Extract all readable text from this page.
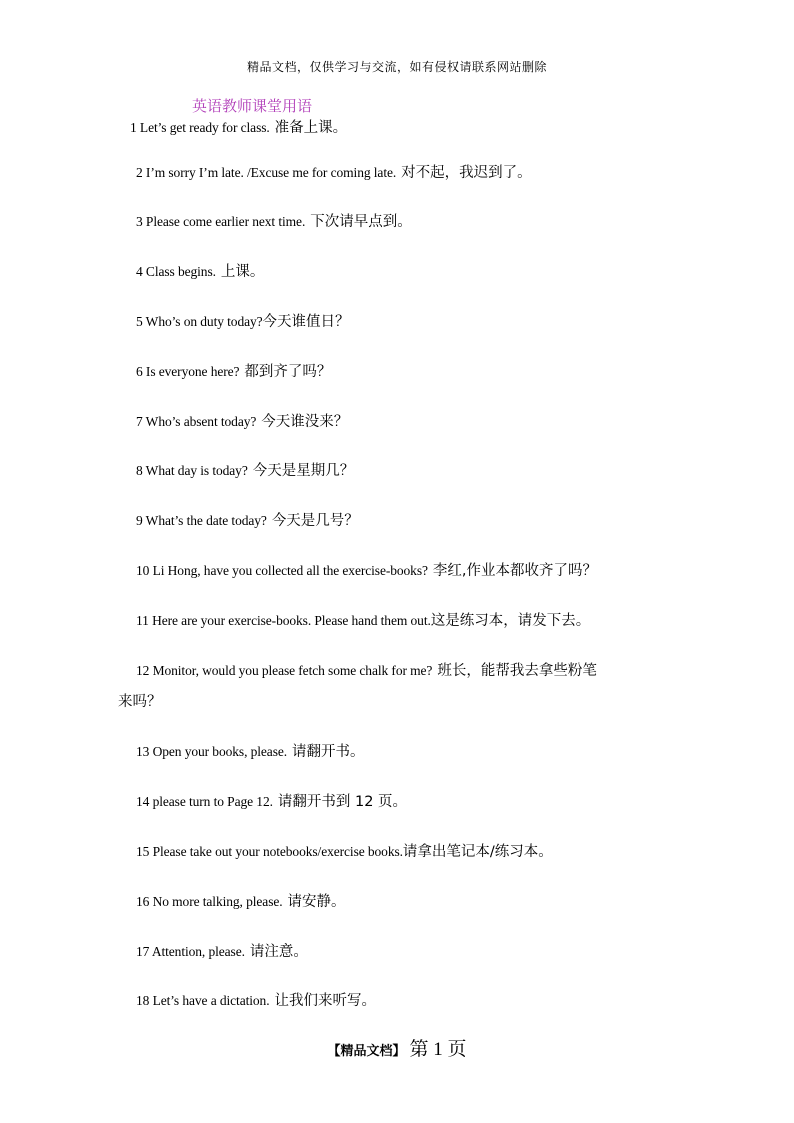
精品文档，仅供学习与交流，如有侵权请联系网站删除
英语教师课堂用语
1 Let’s get ready for class. 准备上课。
2 I’m sorry I’m late. /Excuse me for coming late. 对不起，我迟到了。
3 Please come earlier next time. 下次请早点到。
4 Class begins. 上课。
5 Who’s on duty today?今天谁值日？
6 Is everyone here? 都到齐了吗？
7 Who’s absent today? 今天谁没来？
8 What day is today? 今天是星期几？
9 What’s the date today? 今天是几号？
10 Li Hong, have you collected all the exercise-books? 李红,作业本都收齐了吗？
11 Here are your exercise-books. Please hand them out.这是练习本，请发下去。
12 Monitor, would you please fetch some chalk for me? 班长，能帮我去拿些粉笔
来吗？
13 Open your books, please. 请翻开书。
14 please turn to Page 12. 请翻开书到 12 页。
15 Please take out your notebooks/exercise books.请拿出笔记本/练习本。
16 No more talking, please. 请安静。
17 Attention, please. 请注意。
18 Let’s have a dictation. 让我们来听写。
【精品文档】 第 1 页
